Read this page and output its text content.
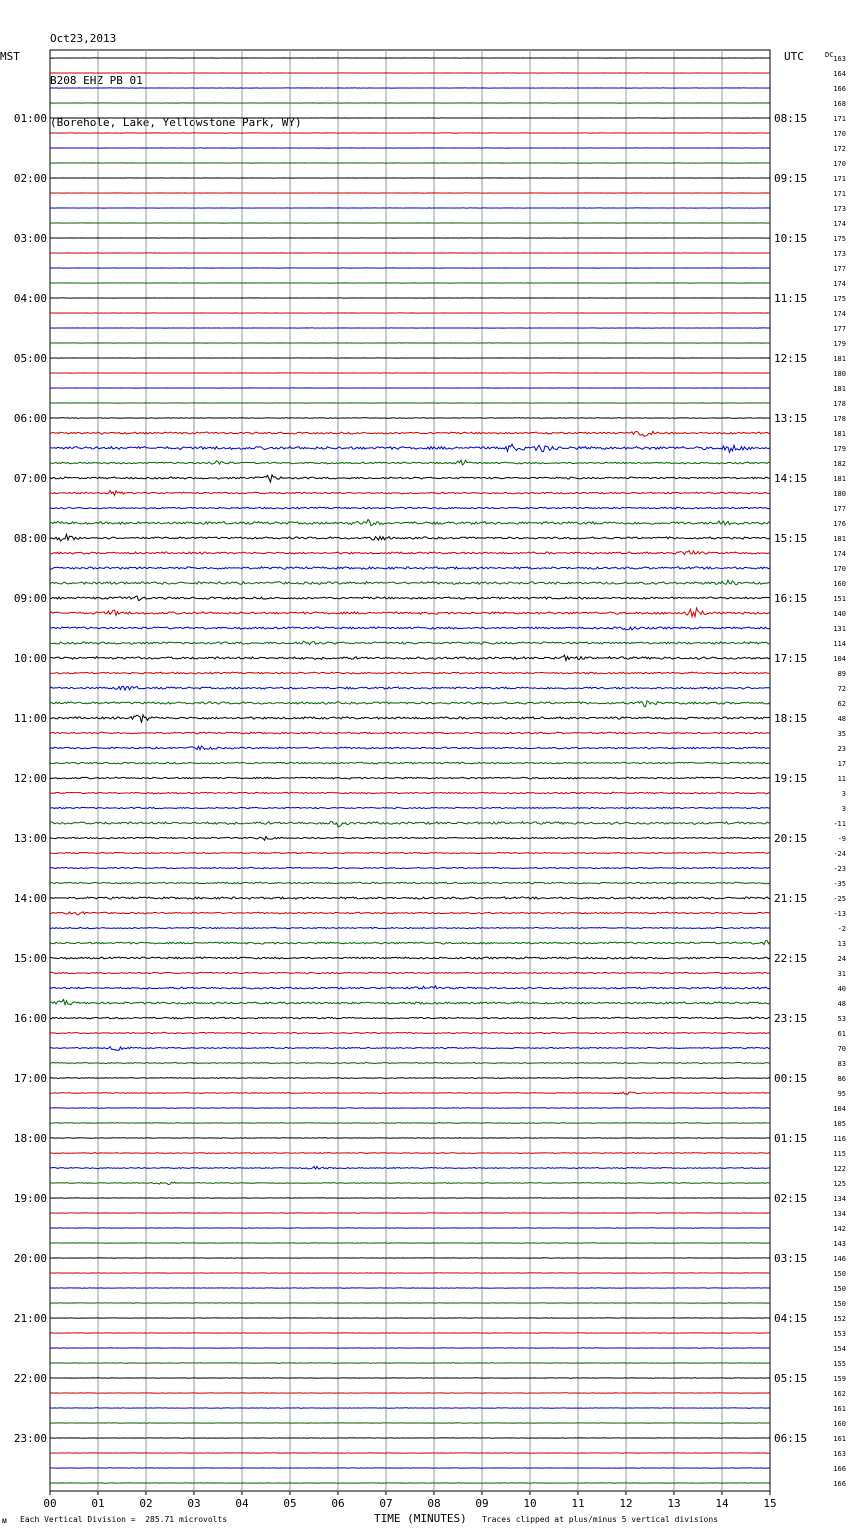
Oct23,2013

B208 EHZ PB 01

(Borehole, Lake, Yellowstone Park, WY)

MST	UTC	DC 163
164
166
168
171
170
172
170
171
171
173
174
175
173
177
174
175
174
177
179
181
180
181
178
178
181
179
182
181
180
177
176
181
174
170
160
151
140
131
114
104
89
72
62
48
35
23
17
11
3
3
-11
-9
-24
-23
-35
-25
-13
-2
13
24
31
40
48
53
61
70
83
86
95
104
105
116
115
122
125
134
134
142
143
146
150
150
150
152
153
154
155
159
162
161
160
161
163
166
166
01:00
02:00
03:00
04:00
05:00
06:00
07:00
08:00
09:00
10:00
11:00
12:00
13:00
14:00
15:00
16:00
17:00
18:00
19:00
20:00
21:00
22:00
23:00
08:15
09:15
10:15
11:15
12:15
13:15
14:15
15:15
16:15
17:15
18:15
19:15
20:15
21:15
22:15
23:15
00:15
01:15
02:15
03:15
04:15
05:15
06:15
00	01	02	03	04	05	06	07	08	09	10	11	12	13	14	15
ᴍ Each Vertical Division =  285.71 microvolts	TIME (MINUTES) Traces clipped at plus/minus 5 vertical divisions
